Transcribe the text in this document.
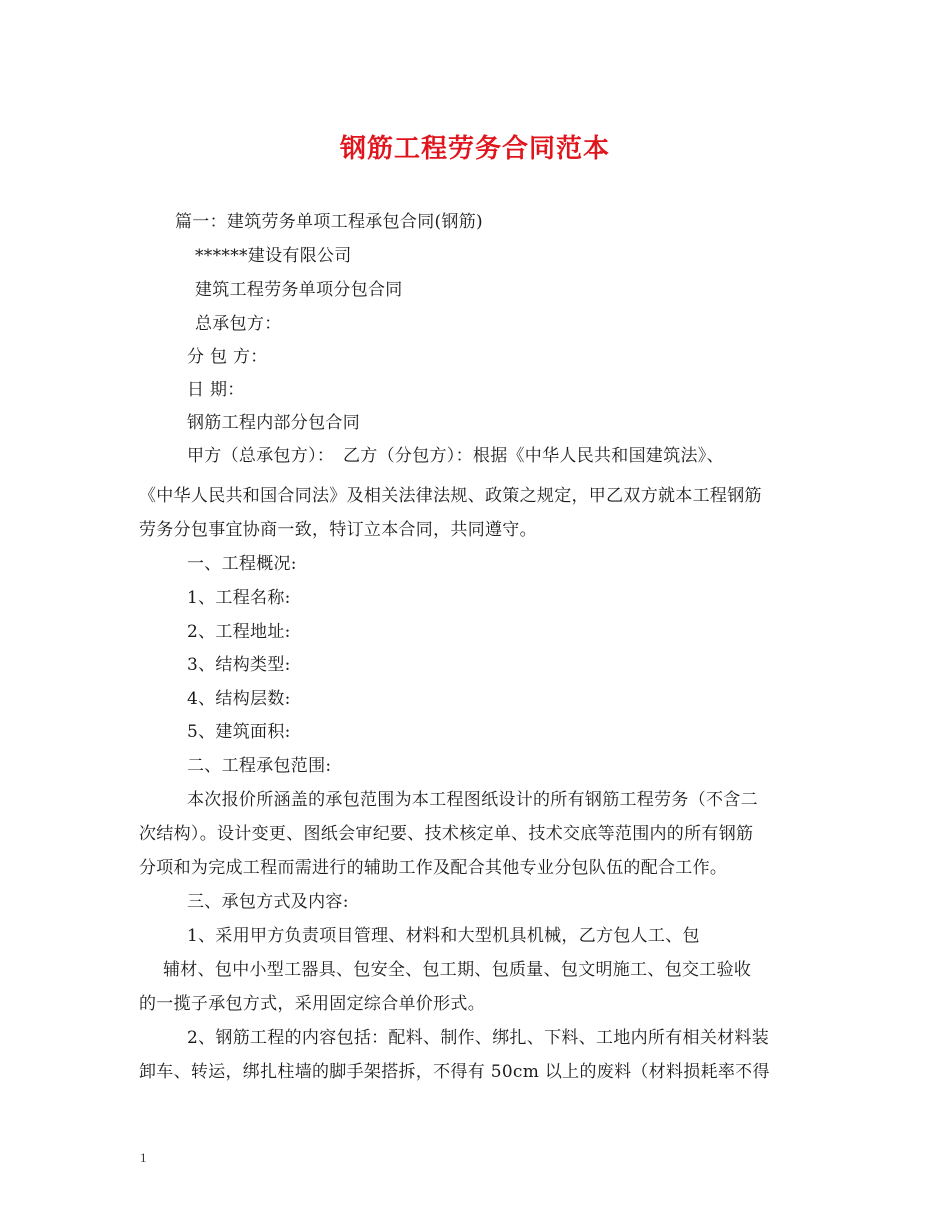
钢筋工程劳务合同范本
篇一：建筑劳务单项工程承包合同(钢筋)
******建设有限公司
建筑工程劳务单项分包合同
总承包方：
分 包 方：
日 期：
钢筋工程内部分包合同
甲方（总承包方）：　乙方（分包方）：根据《中华人民共和国建筑法》、
《中华人民共和国合同法》及相关法律法规、政策之规定，甲乙双方就本工程钢筋
劳务分包事宜协商一致，特订立本合同，共同遵守。
一、工程概况:
1、工程名称:
2、工程地址:
3、结构类型:
4、结构层数:
5、建筑面积:
二、工程承包范围:
本次报价所涵盖的承包范围为本工程图纸设计的所有钢筋工程劳务（不含二
次结构）。设计变更、图纸会审纪要、技术核定单、技术交底等范围内的所有钢筋
分项和为完成工程而需进行的辅助工作及配合其他专业分包队伍的配合工作。
三、承包方式及内容:
1、采用甲方负责项目管理、材料和大型机具机械，乙方包人工、包
辅材、包中小型工器具、包安全、包工期、包质量、包文明施工、包交工验收
的一揽子承包方式，采用固定综合单价形式。
2、钢筋工程的内容包括：配料、制作、绑扎、下料、工地内所有相关材料装
卸车、转运，绑扎柱墙的脚手架搭拆，不得有 50cm 以上的废料（材料损耗率不得
1
